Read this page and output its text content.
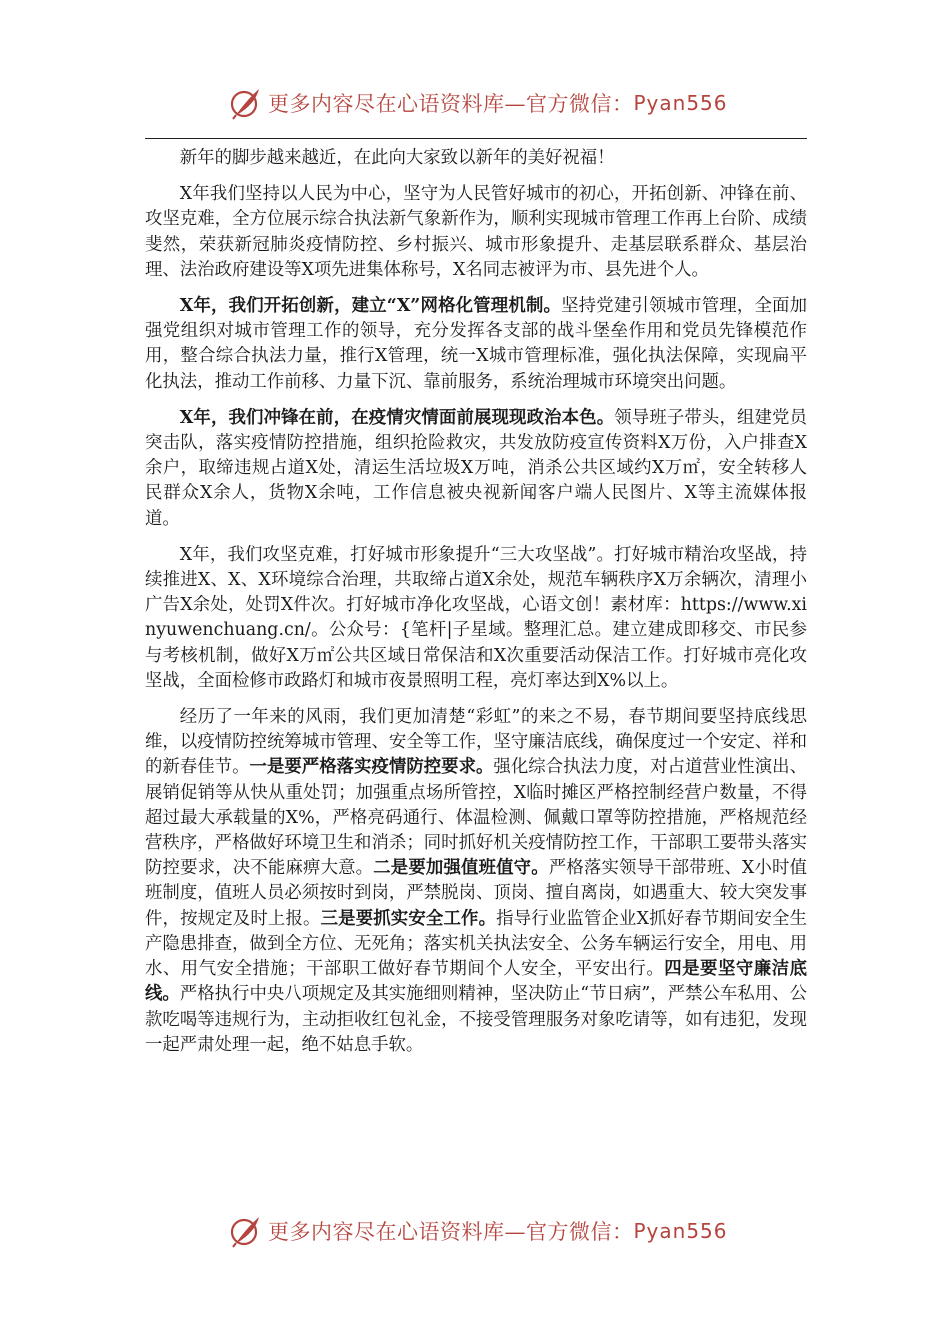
更多内容尽在心语资料库—官方微信： Pyan556

新年的脚步越来越近，在此向大家致以新年的美好祝福！

X年我们坚持以人民为中心，坚守为人民管好城市的初心，开拓创新、冲锋在前、攻坚克难，全方位展示综合执法新气象新作为，顺利实现城市管理工作再上台阶、成绩斐然，荣获新冠肺炎疫情防控、乡村振兴、城市形象提升、走基层联系群众、基层治理、法治政府建设等X项先进集体称号，X名同志被评为市、县先进个人。

X年，我们开拓创新，建立“X”网格化管理机制。坚持党建引领城市管理，全面加强党组织对城市管理工作的领导，充分发挥各支部的战斗堡垒作用和党员先锋模范作用，整合综合执法力量，推行X管理，统一X城市管理标准，强化执法保障，实现扁平化执法，推动工作前移、力量下沉、靠前服务，系统治理城市环境突出问题。

X年，我们冲锋在前，在疫情灾情面前展现现政治本色。领导班子带头，组建党员突击队，落实疫情防控措施，组织抢险救灾，共发放防疫宣传资料X万份，入户排查X余户，取缔违规占道X处，清运生活垃圾X万吨，消杀公共区域约X万㎡，安全转移人民群众X余人，货物X余吨，工作信息被央视新闻客户端人民图片、X等主流媒体报道。

X年，我们攻坚克难，打好城市形象提升“三大攻坚战”。打好城市精治攻坚战，持续推进X、X、X环境综合治理，共取缔占道X余处，规范车辆秩序X万余辆次，清理小广告X余处，处罚X件次。打好城市净化攻坚战，心语文创！素材库：https://www.xinyuwenchuang.cn/。公众号：{笔杆|子星域。整理汇总。建立建成即移交、市民参与考核机制，做好X万㎡公共区域日常保洁和X次重要活动保洁工作。打好城市亮化攻坚战，全面检修市政路灯和城市夜景照明工程，亮灯率达到X%以上。

经历了一年来的风雨，我们更加清楚“彩虹”的来之不易，春节期间要坚持底线思维，以疫情防控统筹城市管理、安全等工作，坚守廉洁底线，确保度过一个安定、祥和的新春佳节。一是要严格落实疫情防控要求。强化综合执法力度，对占道营业性演出、展销促销等从快从重处罚；加强重点场所管控，X临时摊区严格控制经营户数量，不得超过最大承载量的X%，严格亮码通行、体温检测、佩戴口罩等防控措施，严格规范经营秩序，严格做好环境卫生和消杀；同时抓好机关疫情防控工作，干部职工要带头落实防控要求，决不能麻痹大意。二是要加强值班值守。严格落实领导干部带班、X小时值班制度，值班人员必须按时到岗，严禁脱岗、顶岗、擅自离岗，如遇重大、较大突发事件，按规定及时上报。三是要抓实安全工作。指导行业监管企业X抓好春节期间安全生产隐患排查，做到全方位、无死角；落实机关执法安全、公务车辆运行安全，用电、用水、用气安全措施；干部职工做好春节期间个人安全，平安出行。四是要坚守廉洁底线。严格执行中央八项规定及其实施细则精神，坚决防止“节日病”，严禁公车私用、公款吃喝等违规行为，主动拒收红包礼金，不接受管理服务对象吃请等，如有违犯，发现一起严肃处理一起，绝不姑息手软。

更多内容尽在心语资料库—官方微信： Pyan556
